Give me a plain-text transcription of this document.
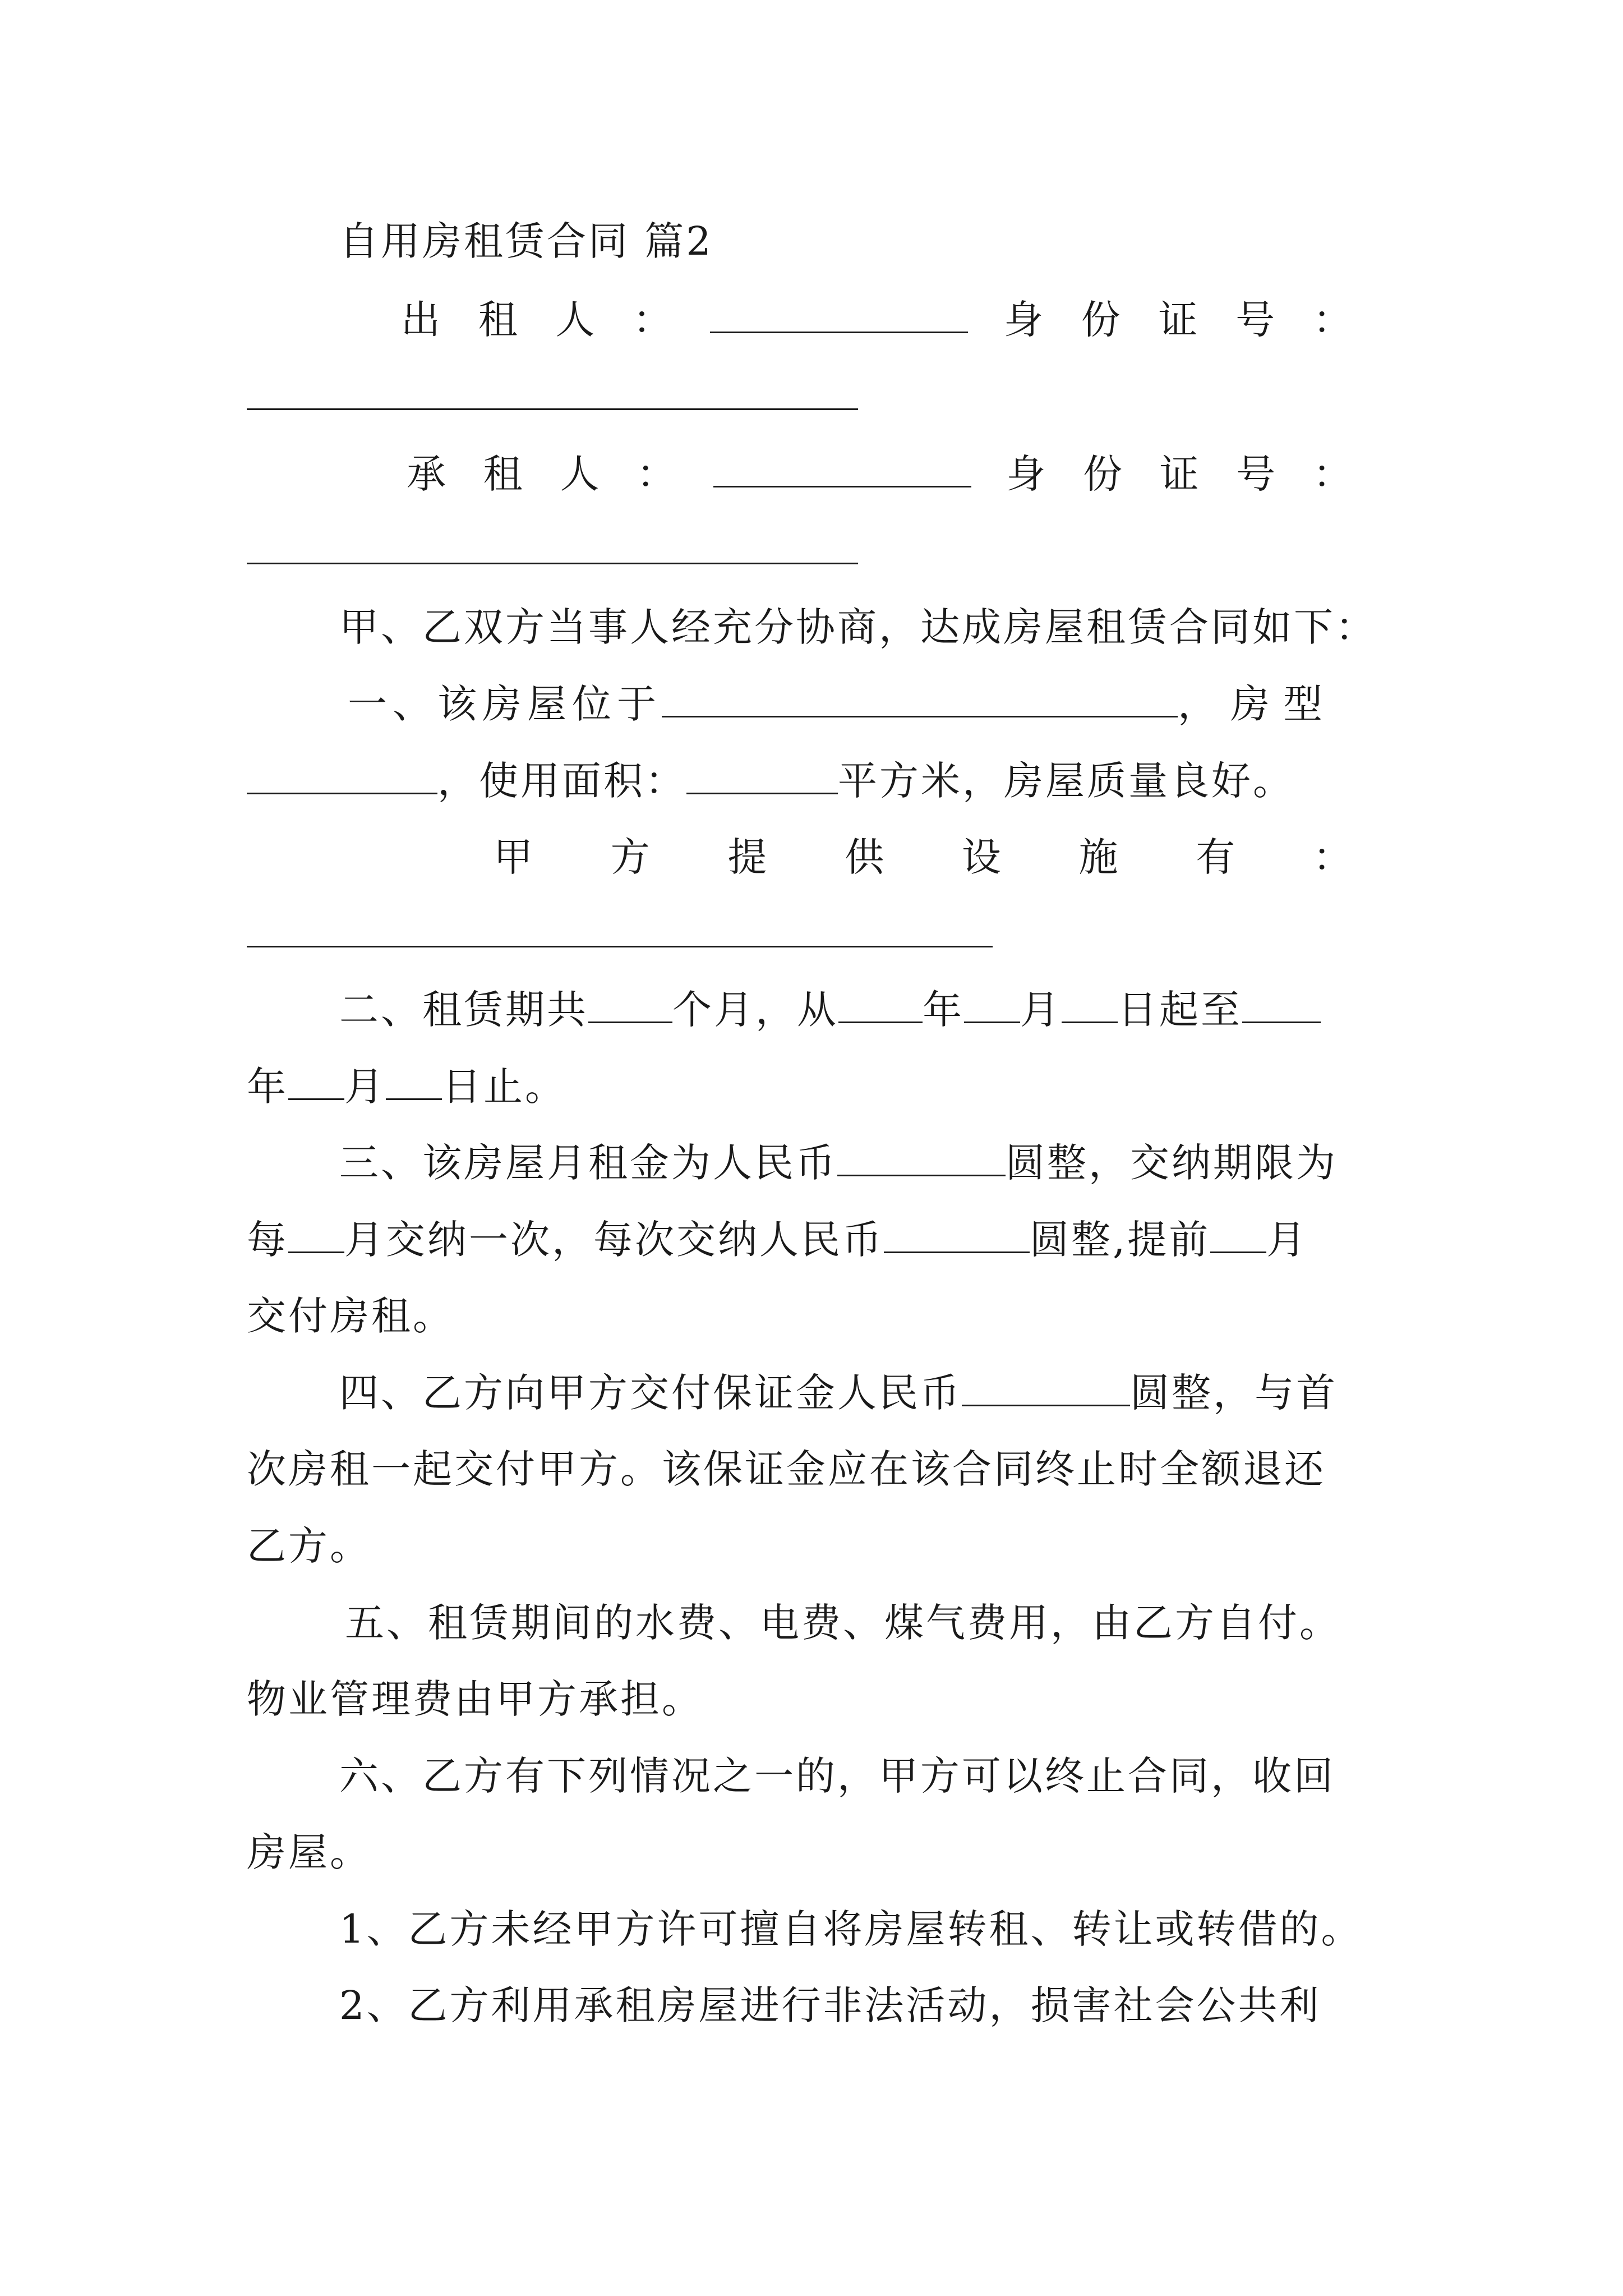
自用房租赁合同 篇2
出 租 人 ：	身 份 证 号 ：
承 租 人 ：	身 份 证 号 ：
甲、乙双方当事人经充分协商，达成房屋租赁合同如下：
一、该房屋位于	，房型
，使用面积：	平方米，房屋质量良好。
甲 方 提 供 设 施 有 ：
二、租赁期共 个月，从 年 月 日起至
年 月 日止。
三、该房屋月租金为人民币	圆整，交纳期限为
每 月交纳一次，每次交纳人民币	圆整,提前 月
交付房租。
四、乙方向甲方交付保证金人民币	圆整，与首
次房租一起交付甲方。该保证金应在该合同终止时全额退还
乙方。
五、租赁期间的水费、电费、煤气费用，由乙方自付。
物业管理费由甲方承担。
六、乙方有下列情况之一的，甲方可以终止合同，收回
房屋。
1、乙方未经甲方许可擅自将房屋转租、转让或转借的。
2、乙方利用承租房屋进行非法活动，损害社会公共利
